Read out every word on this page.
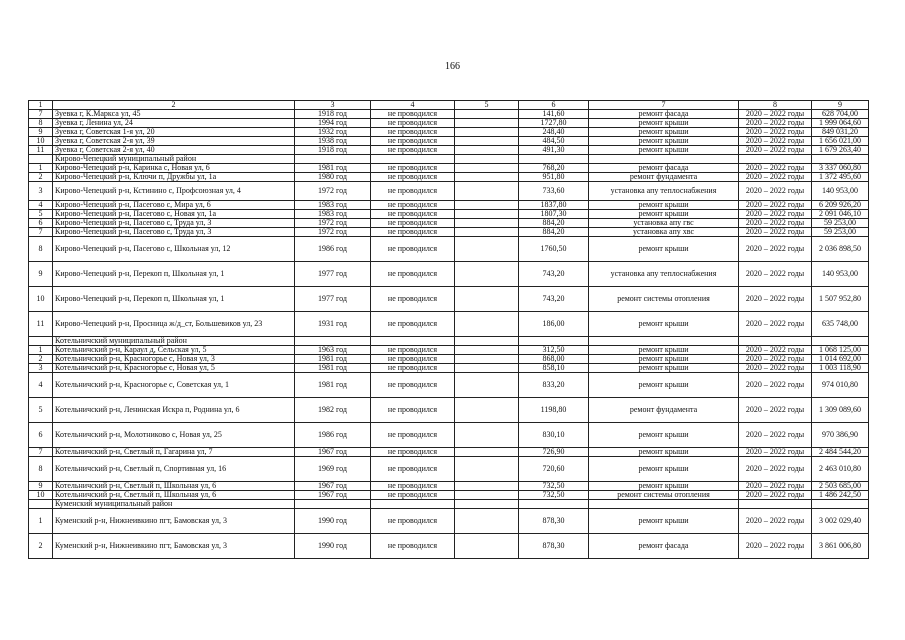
166
1	2	3	4	5	6	7	8	9
7	Зуевка г, К.Маркса ул, 45	1918 год	не проводился		141,60	ремонт фасада	2020 – 2022 годы	628 704,00
8	Зуевка г, Ленина ул, 24	1994 год	не проводился		1727,80	ремонт крыши	2020 – 2022 годы	1 999 064,60
9	Зуевка г, Советская 1-я ул, 20	1932 год	не проводился		248,40	ремонт крыши	2020 – 2022 годы	849 031,20
10	Зуевка г, Советская 2-я ул, 39	1938 год	не проводился		484,50	ремонт крыши	2020 – 2022 годы	1 656 021,00
11	Зуевка г, Советская 2-я ул, 40	1918 год	не проводился		491,30	ремонт крыши	2020 – 2022 годы	1 679 263,40
	Кирово-Чепецкий муниципальный район							
1	Кирово-Чепецкий р-н, Каринка с, Новая ул, 6	1981 год	не проводился		768,20	ремонт фасада	2020 – 2022 годы	3 337 060,80
2	Кирово-Чепецкий р-н, Ключи п, Дружбы ул, 1а	1980 год	не проводился		951,80	ремонт фундамента	2020 – 2022 годы	1 372 495,60
3	Кирово-Чепецкий р-н, Кстинино с, Профсоюзная ул, 4	1972 год	не проводился		733,60	установка апу теплоснабжения	2020 – 2022 годы	140 953,00
4	Кирово-Чепецкий р-н, Пасегово с, Мира ул, 6	1983 год	не проводился		1837,80	ремонт крыши	2020 – 2022 годы	6 209 926,20
5	Кирово-Чепецкий р-н, Пасегово с, Новая ул, 1а	1983 год	не проводился		1807,30	ремонт крыши	2020 – 2022 годы	2 091 046,10
6	Кирово-Чепецкий р-н, Пасегово с, Труда ул, 3	1972 год	не проводился		884,20	установка апу гвс	2020 – 2022 годы	59 253,00
7	Кирово-Чепецкий р-н, Пасегово с, Труда ул, 3	1972 год	не проводился		884,20	установка апу хвс	2020 – 2022 годы	59 253,00
8	Кирово-Чепецкий р-н, Пасегово с, Школьная ул, 12	1986 год	не проводился		1760,50	ремонт крыши	2020 – 2022 годы	2 036 898,50
9	Кирово-Чепецкий р-н, Перекоп п, Школьная ул, 1	1977 год	не проводился		743,20	установка апу теплоснабжения	2020 – 2022 годы	140 953,00
10	Кирово-Чепецкий р-н, Перекоп п, Школьная ул, 1	1977 год	не проводился		743,20	ремонт системы отопления	2020 – 2022 годы	1 507 952,80
11	Кирово-Чепецкий р-н, Просница ж/д_ст, Большевиков ул, 23	1931 год	не проводился		186,00	ремонт крыши	2020 – 2022 годы	635 748,00
	Котельничский муниципальный район							
1	Котельничский р-н, Караул д, Сельская ул, 5	1963 год	не проводился		312,50	ремонт крыши	2020 – 2022 годы	1 068 125,00
2	Котельничский р-н, Красногорье с, Новая ул, 3	1981 год	не проводился		868,00	ремонт крыши	2020 – 2022 годы	1 014 692,00
3	Котельничский р-н, Красногорье с, Новая ул, 5	1981 год	не проводился		858,10	ремонт крыши	2020 – 2022 годы	1 003 118,90
4	Котельничский р-н, Красногорье с, Советская ул, 1	1981 год	не проводился		833,20	ремонт крыши	2020 – 2022 годы	974 010,80
5	Котельничский р-н, Ленинская Искра п, Роднина ул, 6	1982 год	не проводился		1198,80	ремонт фундамента	2020 – 2022 годы	1 309 089,60
6	Котельничский р-н, Молотниково с, Новая ул, 25	1986 год	не проводился		830,10	ремонт крыши	2020 – 2022 годы	970 386,90
7	Котельничский р-н, Светлый п, Гагарина ул, 7	1967 год	не проводился		726,90	ремонт крыши	2020 – 2022 годы	2 484 544,20
8	Котельничский р-н, Светлый п, Спортивная ул, 16	1969 год	не проводился		720,60	ремонт крыши	2020 – 2022 годы	2 463 010,80
9	Котельничский р-н, Светлый п, Школьная ул, 6	1967 год	не проводился		732,50	ремонт крыши	2020 – 2022 годы	2 503 685,00
10	Котельничский р-н, Светлый п, Школьная ул, 6	1967 год	не проводился		732,50	ремонт системы отопления	2020 – 2022 годы	1 486 242,50
	Куменский муниципальный район							
1	Куменский р-н, Нижнеивкино пгт, Бамовская ул, 3	1990 год	не проводился		878,30	ремонт крыши	2020 – 2022 годы	3 002 029,40
2	Куменский р-н, Нижнеивкино пгт, Бамовская ул, 3	1990 год	не проводился		878,30	ремонт фасада	2020 – 2022 годы	3 861 006,80
